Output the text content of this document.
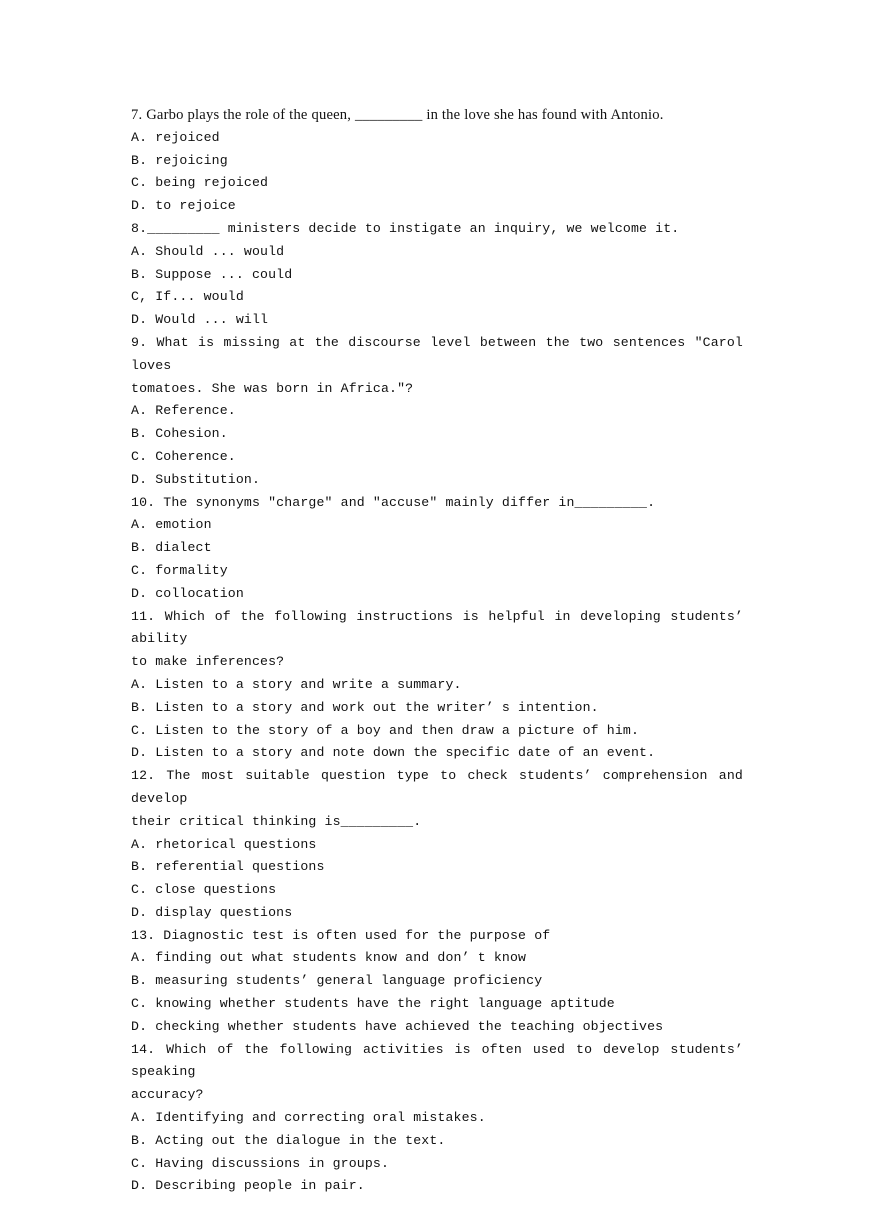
7. Garbo plays the role of the queen, _________ in the love she has found with Antonio.
A. rejoiced
B. rejoicing
C. being rejoiced
D. to rejoice
8._________ ministers decide to instigate an inquiry, we welcome it.
A. Should ... would
B. Suppose ... could
C, If... would
D. Would ... will
9. What is missing at the discourse level between the two sentences "Carol loves
tomatoes. She was born in Africa."?
A. Reference.
B. Cohesion.
C. Coherence.
D. Substitution.
10. The synonyms "charge" and "accuse" mainly differ in_________.
A. emotion
B. dialect
C. formality
D. collocation
11. Which of the following instructions is helpful in developing students’ ability
to make inferences?
A. Listen to a story and write a summary.
B. Listen to a story and work out the writer’ s intention.
C. Listen to the story of a boy and then draw a picture of him.
D. Listen to a story and note down the specific date of an event.
12. The most suitable question type to check students’ comprehension and develop
their critical thinking is_________.
A. rhetorical questions
B. referential questions
C. close questions
D. display questions
13. Diagnostic test is often used for the purpose of
A. finding out what students know and don’ t know
B. measuring students’ general language proficiency
C. knowing whether students have the right language aptitude
D. checking whether students have achieved the teaching objectives
14. Which of the following activities is often used to develop students’ speaking
accuracy?
A. Identifying and correcting oral mistakes.
B. Acting out the dialogue in the text.
C. Having discussions in groups.
D. Describing people in pair.
